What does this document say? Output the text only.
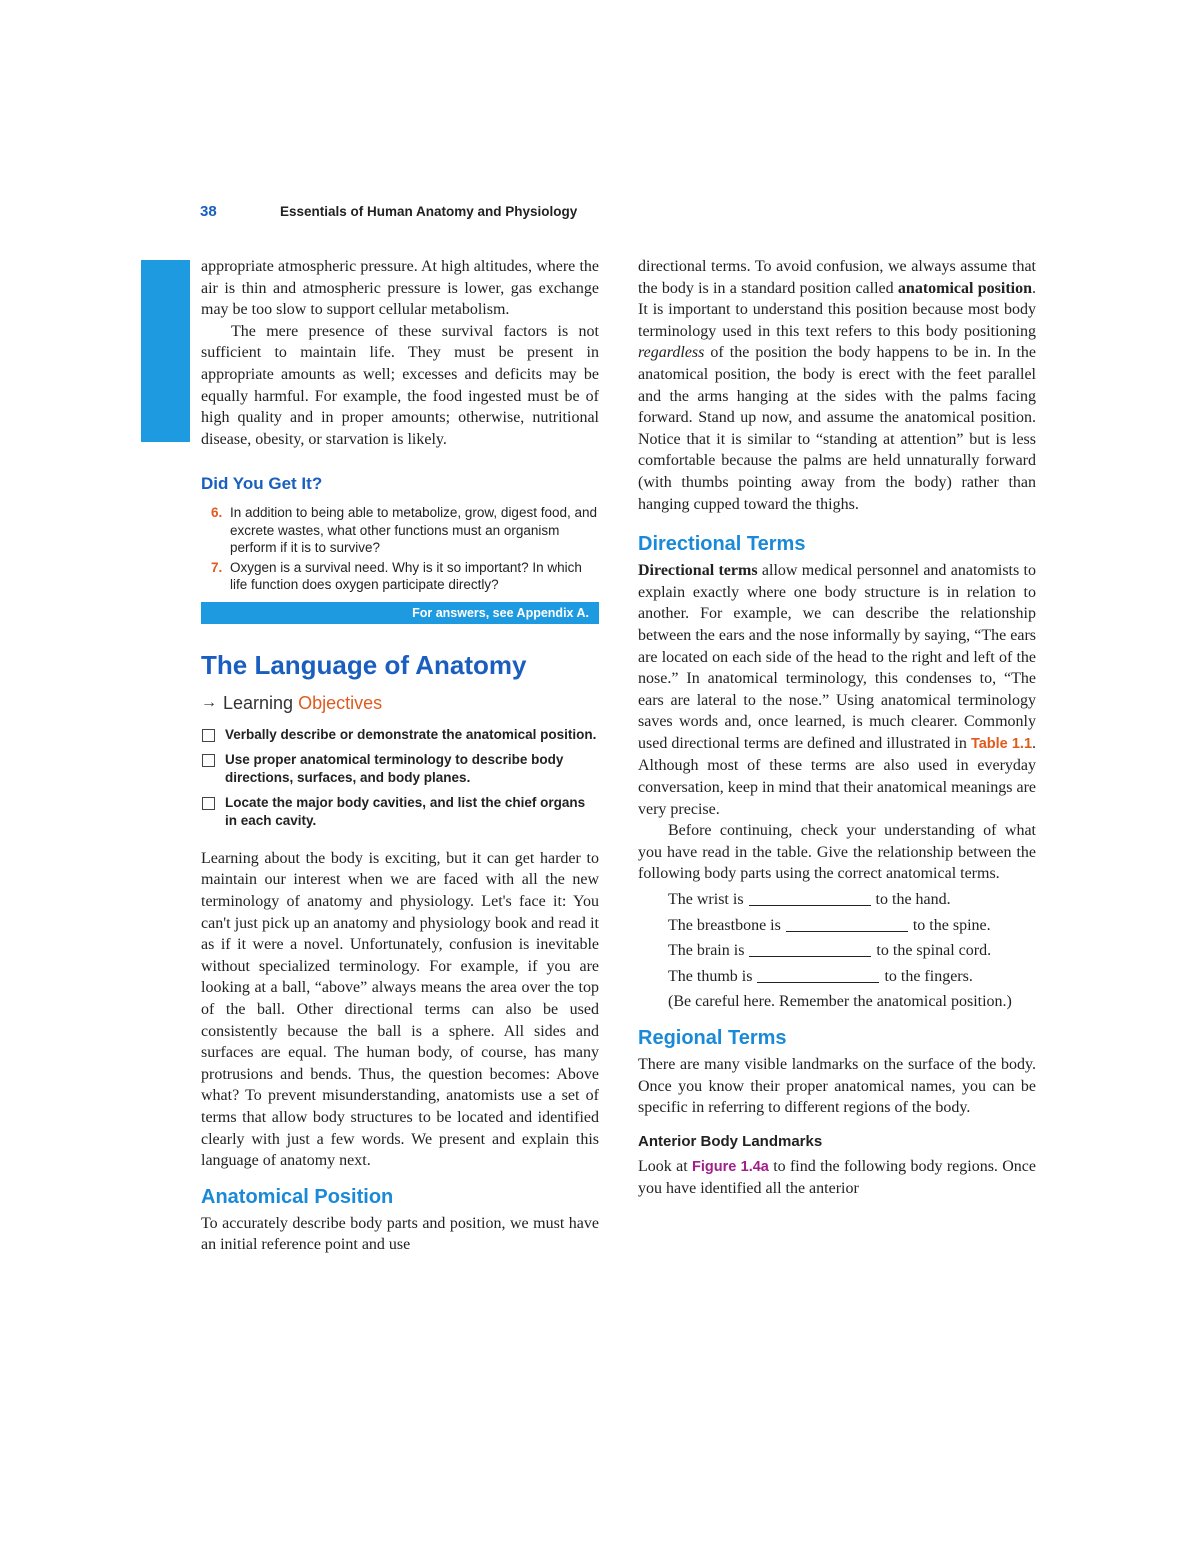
38	Essentials of Human Anatomy and Physiology

appropriate atmospheric pressure. At high altitudes, where the air is thin and atmospheric pressure is lower, gas exchange may be too slow to support cellular metabolism.

The mere presence of these survival factors is not sufficient to maintain life. They must be present in appropriate amounts as well; excesses and deficits may be equally harmful. For example, the food ingested must be of high quality and in proper amounts; otherwise, nutritional disease, obesity, or starvation is likely.

Did You Get It?
6. In addition to being able to metabolize, grow, digest food, and excrete wastes, what other functions must an organism perform if it is to survive?
7. Oxygen is a survival need. Why is it so important? In which life function does oxygen participate directly?
For answers, see Appendix A.
The Language of Anatomy
→ Learning Objectives
Verbally describe or demonstrate the anatomical position.
Use proper anatomical terminology to describe body directions, surfaces, and body planes.
Locate the major body cavities, and list the chief organs in each cavity.

Learning about the body is exciting, but it can get harder to maintain our interest when we are faced with all the new terminology of anatomy and physiology. Let's face it: You can't just pick up an anatomy and physiology book and read it as if it were a novel. Unfortunately, confusion is inevitable without specialized terminology. For example, if you are looking at a ball, “above” always means the area over the top of the ball. Other directional terms can also be used consistently because the ball is a sphere. All sides and surfaces are equal. The human body, of course, has many protrusions and bends. Thus, the question becomes: Above what? To prevent misunderstanding, anatomists use a set of terms that allow body structures to be located and identified clearly with just a few words. We present and explain this language of anatomy next.

Anatomical Position

To accurately describe body parts and position, we must have an initial reference point and use

directional terms. To avoid confusion, we always assume that the body is in a standard position called anatomical position. It is important to understand this position because most body terminology used in this text refers to this body positioning regardless of the position the body happens to be in. In the anatomical position, the body is erect with the feet parallel and the arms hanging at the sides with the palms facing forward. Stand up now, and assume the anatomical position. Notice that it is similar to “standing at attention” but is less comfortable because the palms are held unnaturally forward (with thumbs pointing away from the body) rather than hanging cupped toward the thighs.

Directional Terms

Directional terms allow medical personnel and anatomists to explain exactly where one body structure is in relation to another. For example, we can describe the relationship between the ears and the nose informally by saying, “The ears are located on each side of the head to the right and left of the nose.” In anatomical terminology, this condenses to, “The ears are lateral to the nose.” Using anatomical terminology saves words and, once learned, is much clearer. Commonly used directional terms are defined and illustrated in Table 1.1. Although most of these terms are also used in everyday conversation, keep in mind that their anatomical meanings are very precise.

Before continuing, check your understanding of what you have read in the table. Give the relationship between the following body parts using the correct anatomical terms.

The wrist is	to the hand.
The breastbone is	to the spine.
The brain is	to the spinal cord.
The thumb is	to the fingers.

(Be careful here. Remember the anatomical position.)

Regional Terms

There are many visible landmarks on the surface of the body. Once you know their proper anatomical names, you can be specific in referring to different regions of the body.

Anterior Body Landmarks

Look at Figure 1.4a to find the following body regions. Once you have identified all the anterior
